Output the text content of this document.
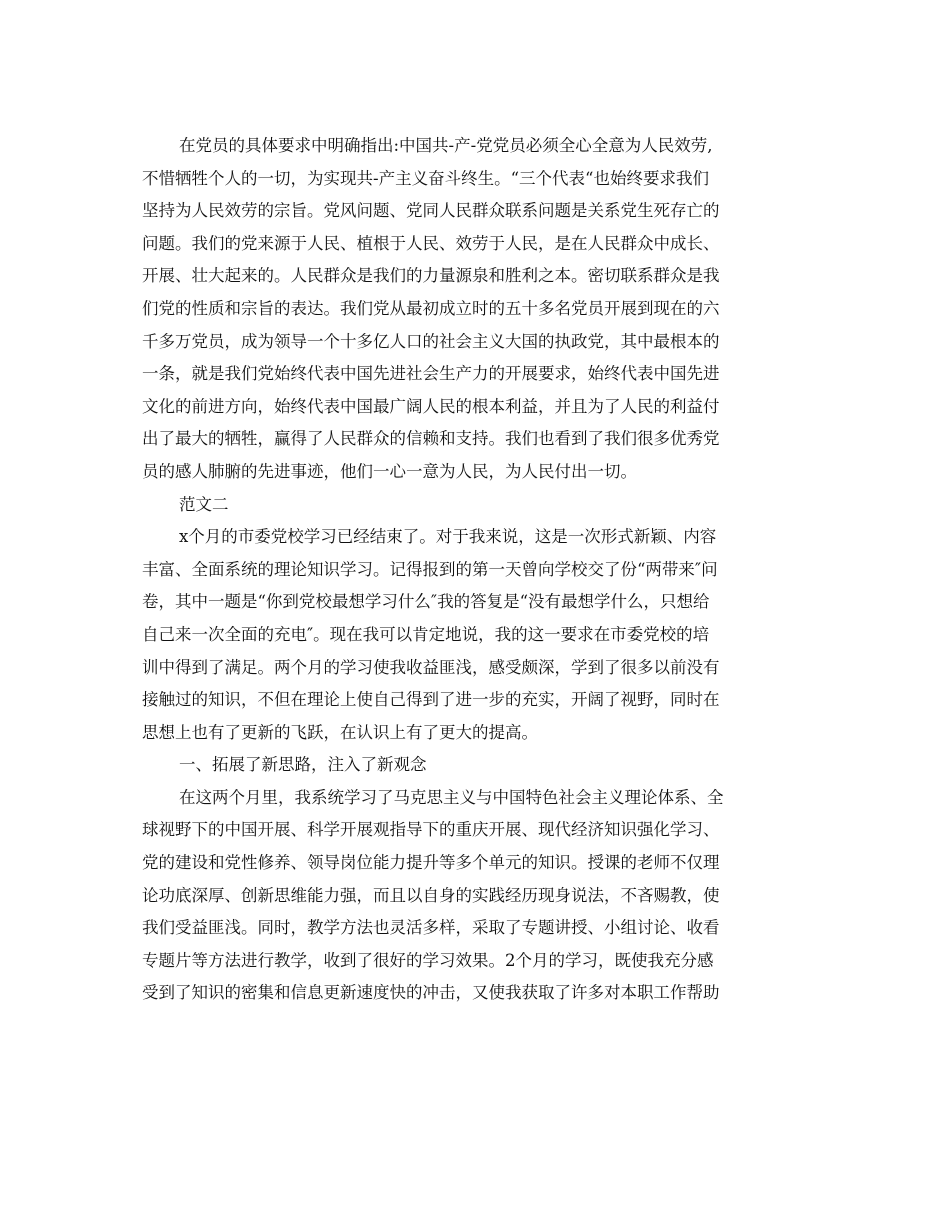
在党员的具体要求中明确指出:中国共-产-党党员必须全心全意为人民效劳,
不惜牺牲个人的一切，为实现共-产主义奋斗终生。“三个代表“也始终要求我们
坚持为人民效劳的宗旨。党风问题、党同人民群众联系问题是关系党生死存亡的
问题。我们的党来源于人民、植根于人民、效劳于人民，是在人民群众中成长、
开展、壮大起来的。人民群众是我们的力量源泉和胜利之本。密切联系群众是我
们党的性质和宗旨的表达。我们党从最初成立时的五十多名党员开展到现在的六
千多万党员，成为领导一个十多亿人口的社会主义大国的执政党，其中最根本的
一条，就是我们党始终代表中国先进社会生产力的开展要求，始终代表中国先进
文化的前进方向，始终代表中国最广阔人民的根本利益，并且为了人民的利益付
出了最大的牺牲，赢得了人民群众的信赖和支持。我们也看到了我们很多优秀党
员的感人肺腑的先进事迹，他们一心一意为人民，为人民付出一切。
范文二
x个月的市委党校学习已经结束了。对于我来说，这是一次形式新颖、内容
丰富、全面系统的理论知识学习。记得报到的第一天曾向学校交了份“两带来″问
卷，其中一题是“你到党校最想学习什么″我的答复是“没有最想学什么，只想给
自己来一次全面的充电″。现在我可以肯定地说，我的这一要求在市委党校的培
训中得到了满足。两个月的学习使我收益匪浅，感受颇深，学到了很多以前没有
接触过的知识，不但在理论上使自己得到了进一步的充实，开阔了视野，同时在
思想上也有了更新的飞跃，在认识上有了更大的提高。
一、拓展了新思路，注入了新观念
在这两个月里，我系统学习了马克思主义与中国特色社会主义理论体系、全
球视野下的中国开展、科学开展观指导下的重庆开展、现代经济知识强化学习、
党的建设和党性修养、领导岗位能力提升等多个单元的知识。授课的老师不仅理
论功底深厚、创新思维能力强，而且以自身的实践经历现身说法，不吝赐教，使
我们受益匪浅。同时，教学方法也灵活多样，采取了专题讲授、小组讨论、收看
专题片等方法进行教学，收到了很好的学习效果。2个月的学习，既使我充分感
受到了知识的密集和信息更新速度快的冲击，又使我获取了许多对本职工作帮助
